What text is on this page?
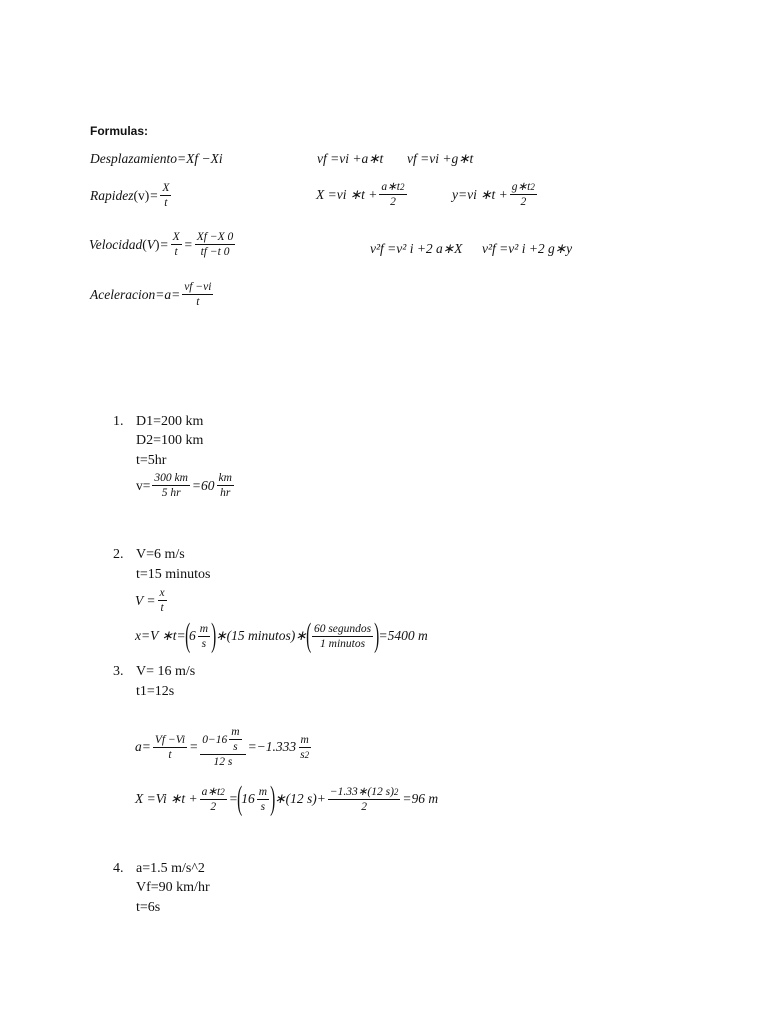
Formulas:
Desplazamiento =Xf −Xi
Rapidez ( v ) = $\frac{X}{t}$
Velocidad ( V ) = X
t
= Xf −X 0
tf −t 0
Aceleracion=a= $\frac{vf -vi}{t}$
vf =vi +a∗t vf =vi +g∗t
X =vi ∗t + $\frac{a∗t 2}{2}$	y=vi ∗t + $\frac{g∗t 2}{2}$
v²f =v² i +2 a∗X v²f =v² i +2 g∗y
1. D1=200 km
D2=100 km
t=5hr
$v= \frac{300 km}{5 hr} =60 \frac{km}{hr}$
2. V=6 m/s
t=15 minutos
$V = \frac{x}{t}$
x=V ∗t= ( $6 \frac{m}{s}$ ) ∗(15 minutos)∗ ( 60 segundos
1 minutos ) =5400 m
3. V= 16 m/s
t1=12s
$a= \frac{Vf -Vi}{t} = \frac{0-16 \frac{m}{s}}{12 s} =-1.333$ m
s 2
X =Vi ∗t + $\frac{a∗t 2}{2}$ = ( $16 \frac{m}{s}$ ) ∗(12 $s)+ \frac{-1.33∗(12 s) 2}{2} =96$ m
4. a=1.5 m/s^2
Vf=90 km/hr
t=6s
